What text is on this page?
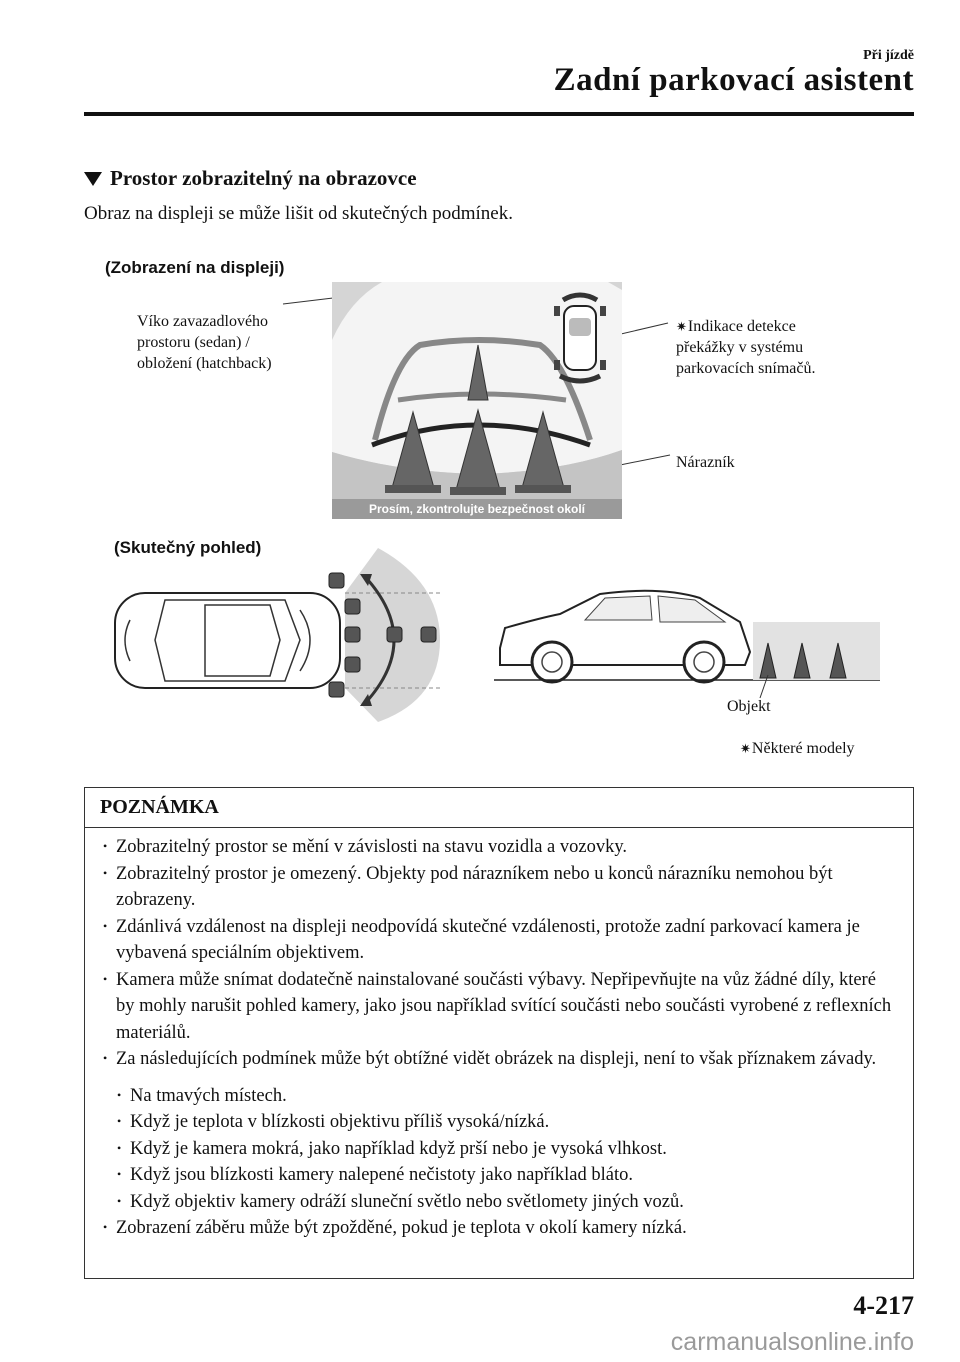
Při jízdě
Zadní parkovací asistent
Prostor zobrazitelný na obrazovce
Obraz na displeji se může lišit od skutečných podmínek.
(Zobrazení na displeji)
(Skutečný pohled)
Víko zavazadlového
prostoru (sedan) /
obložení (hatchback)
✷Indikace detekce
překážky v systému
parkovacích snímačů.
Nárazník
Objekt
✷Některé modely
Prosím, zkontrolujte bezpečnost okolí
POZNÁMKA
• Zobrazitelný prostor se mění v závislosti na stavu vozidla a vozovky.
• Zobrazitelný prostor je omezený. Objekty pod nárazníkem nebo u konců nárazníku nemohou být zobrazeny.
• Zdánlivá vzdálenost na displeji neodpovídá skutečné vzdálenosti, protože zadní parkovací kamera je vybavená speciálním objektivem.
• Kamera může snímat dodatečně nainstalované součásti výbavy. Nepřipevňujte na vůz žádné díly, které by mohly narušit pohled kamery, jako jsou například svítící součásti nebo součásti vyrobené z reflexních materiálů.
• Za následujících podmínek může být obtížné vidět obrázek na displeji, není to však příznakem závady.
• Na tmavých místech.
• Když je teplota v blízkosti objektivu příliš vysoká/nízká.
• Když je kamera mokrá, jako například když prší nebo je vysoká vlhkost.
• Když jsou blízkosti kamery nalepené nečistoty jako například bláto.
• Když objektiv kamery odráží sluneční světlo nebo světlomety jiných vozů.
• Zobrazení záběru může být zpožděné, pokud je teplota v okolí kamery nízká.
4-217
carmanualsonline.info
